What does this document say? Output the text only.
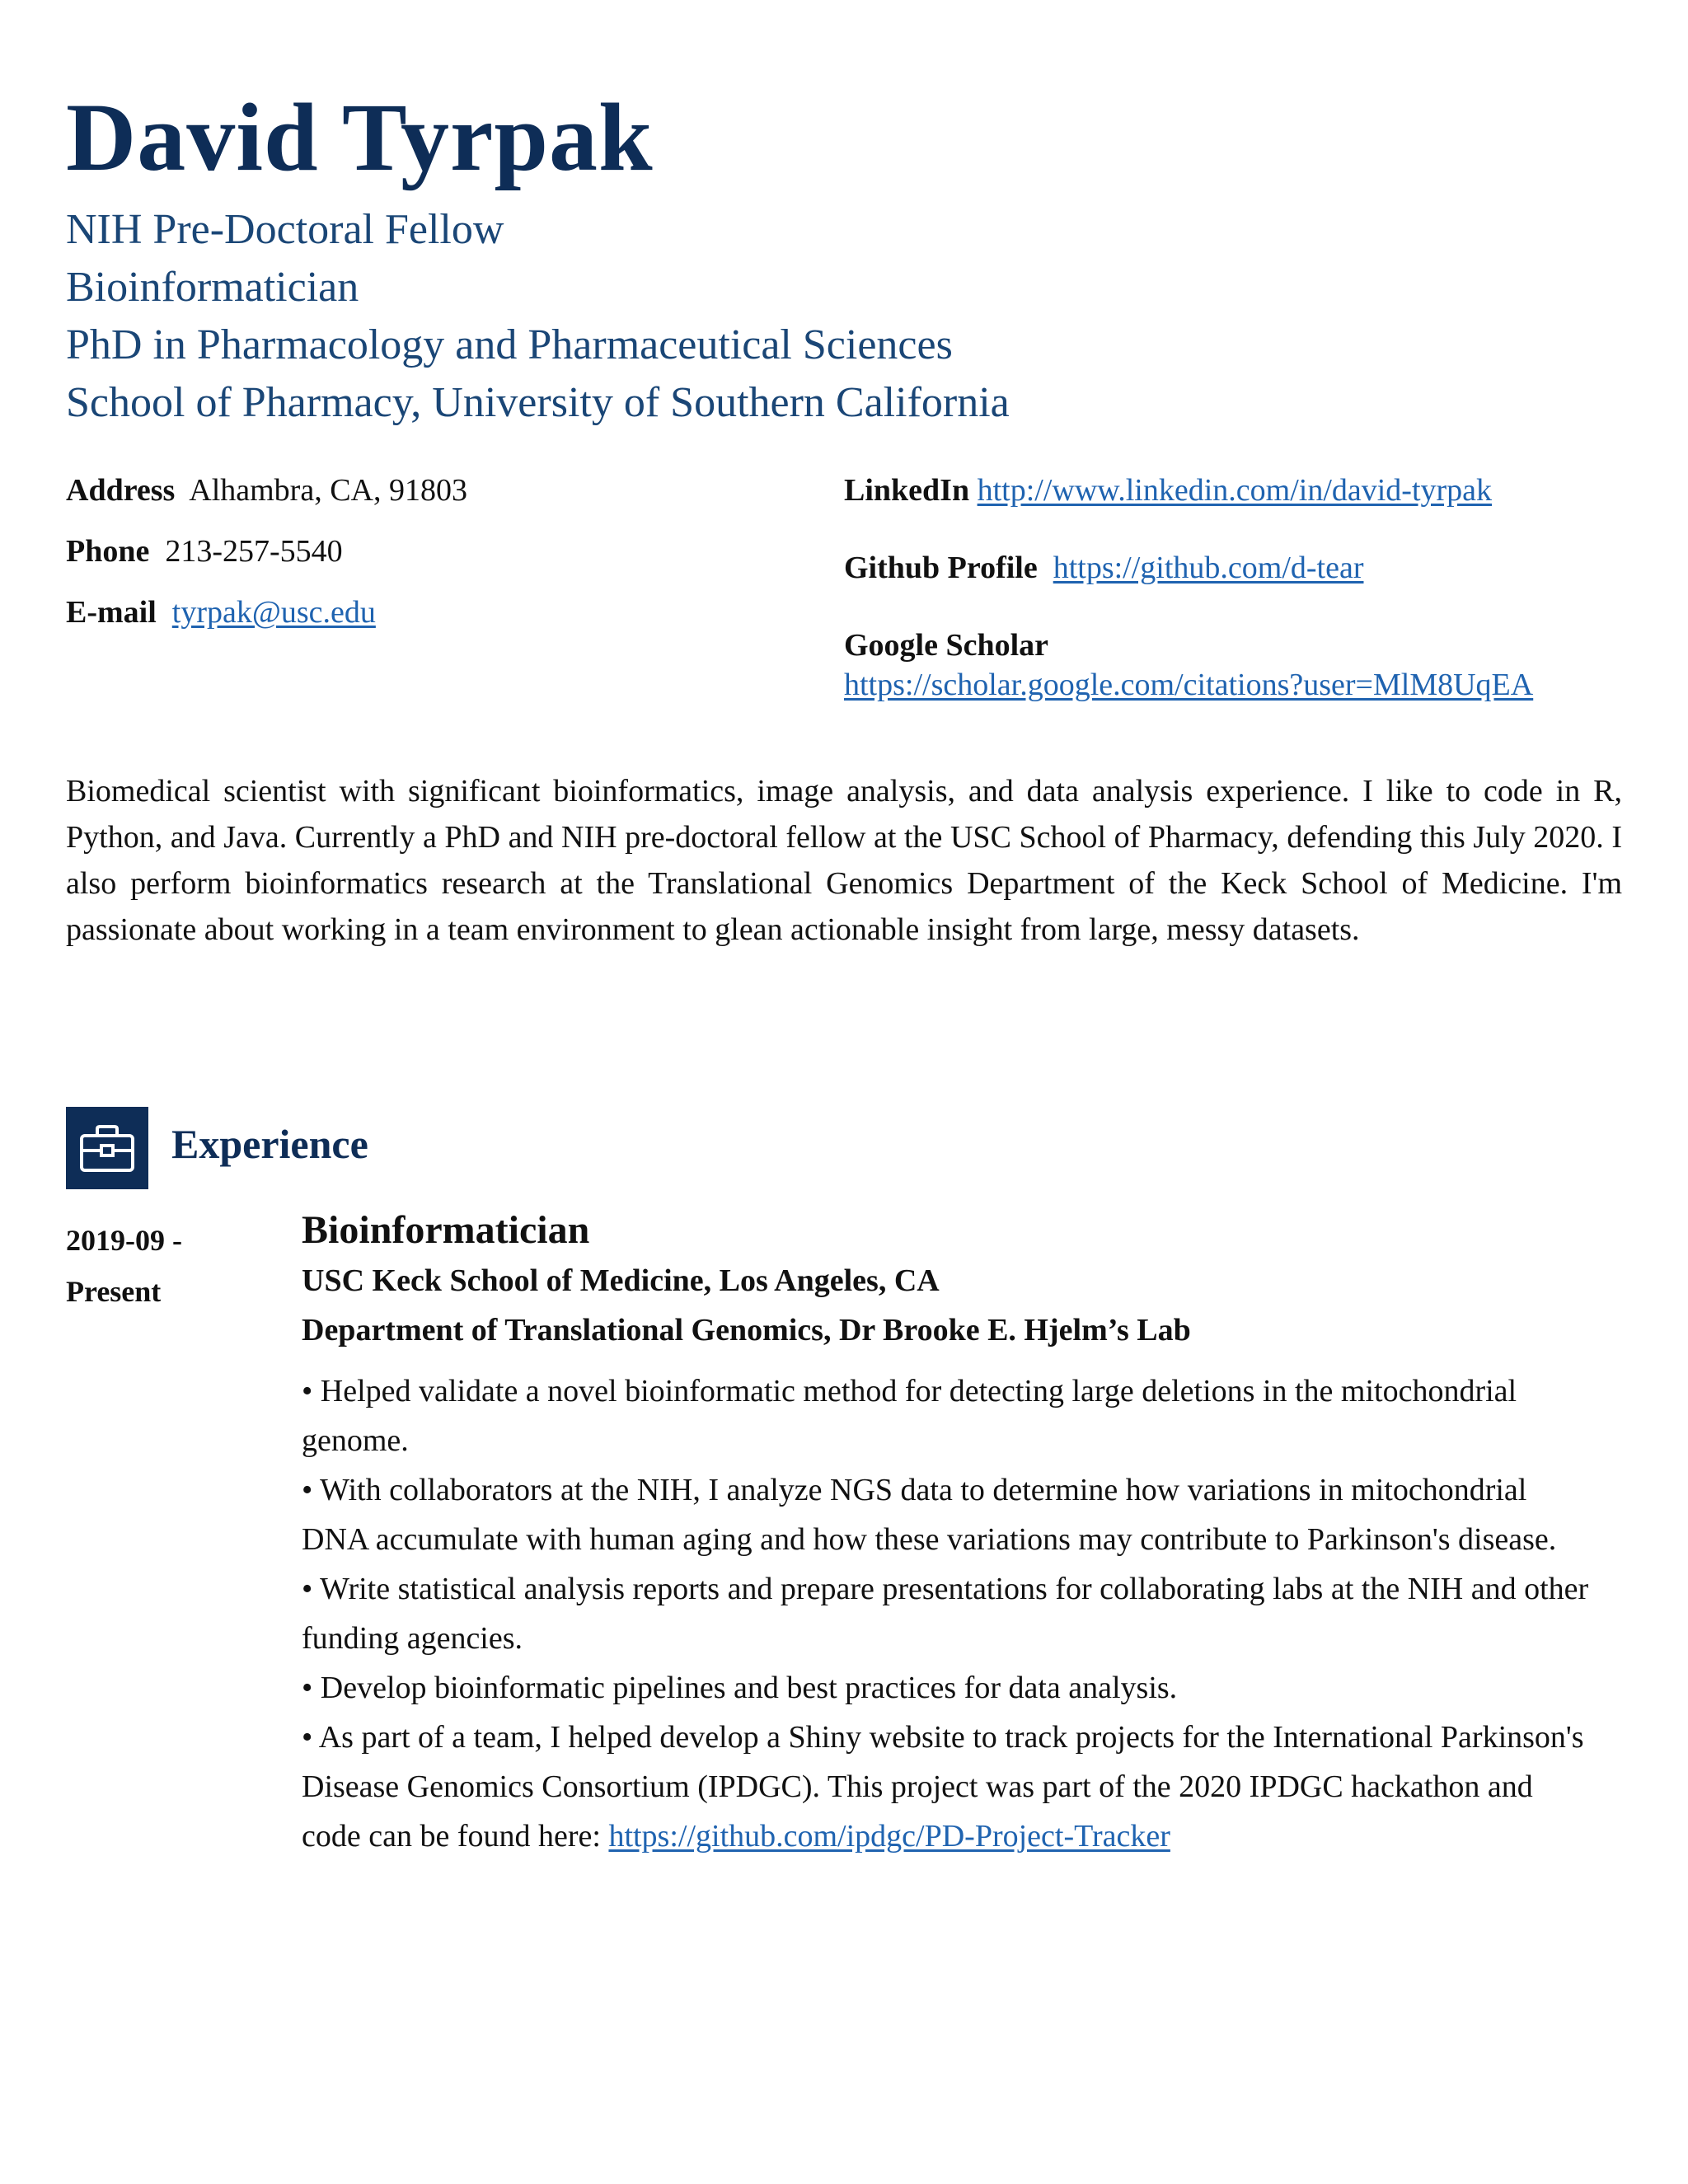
David Tyrpak
NIH Pre-Doctoral Fellow
Bioinformatician
PhD in Pharmacology and Pharmaceutical Sciences
School of Pharmacy, University of Southern California
Address Alhambra, CA, 91803
Phone 213-257-5540
E-mail tyrpak@usc.edu
LinkedIn http://www.linkedin.com/in/david-tyrpak
Github Profile https://github.com/d-tear
Google Scholar
https://scholar.google.com/citations?user=MlM8UqEA
Biomedical scientist with significant bioinformatics, image analysis, and data analysis experience. I like to code in R, Python, and Java. Currently a PhD and NIH pre-doctoral fellow at the USC School of Pharmacy, defending this July 2020. I also perform bioinformatics research at the Translational Genomics Department of the Keck School of Medicine. I'm passionate about working in a team environment to glean actionable insight from large, messy datasets.
Experience
2019-09 -
Present
Bioinformatician
USC Keck School of Medicine, Los Angeles, CA
Department of Translational Genomics, Dr Brooke E. Hjelm’s Lab
• Helped validate a novel bioinformatic method for detecting large deletions in the mitochondrial genome.
• With collaborators at the NIH, I analyze NGS data to determine how variations in mitochondrial DNA accumulate with human aging and how these variations may contribute to Parkinson's disease.
• Write statistical analysis reports and prepare presentations for collaborating labs at the NIH and other funding agencies.
• Develop bioinformatic pipelines and best practices for data analysis.
• As part of a team, I helped develop a Shiny website to track projects for the International Parkinson's Disease Genomics Consortium (IPDGC). This project was part of the 2020 IPDGC hackathon and code can be found here: https://github.com/ipdgc/PD-Project-Tracker
